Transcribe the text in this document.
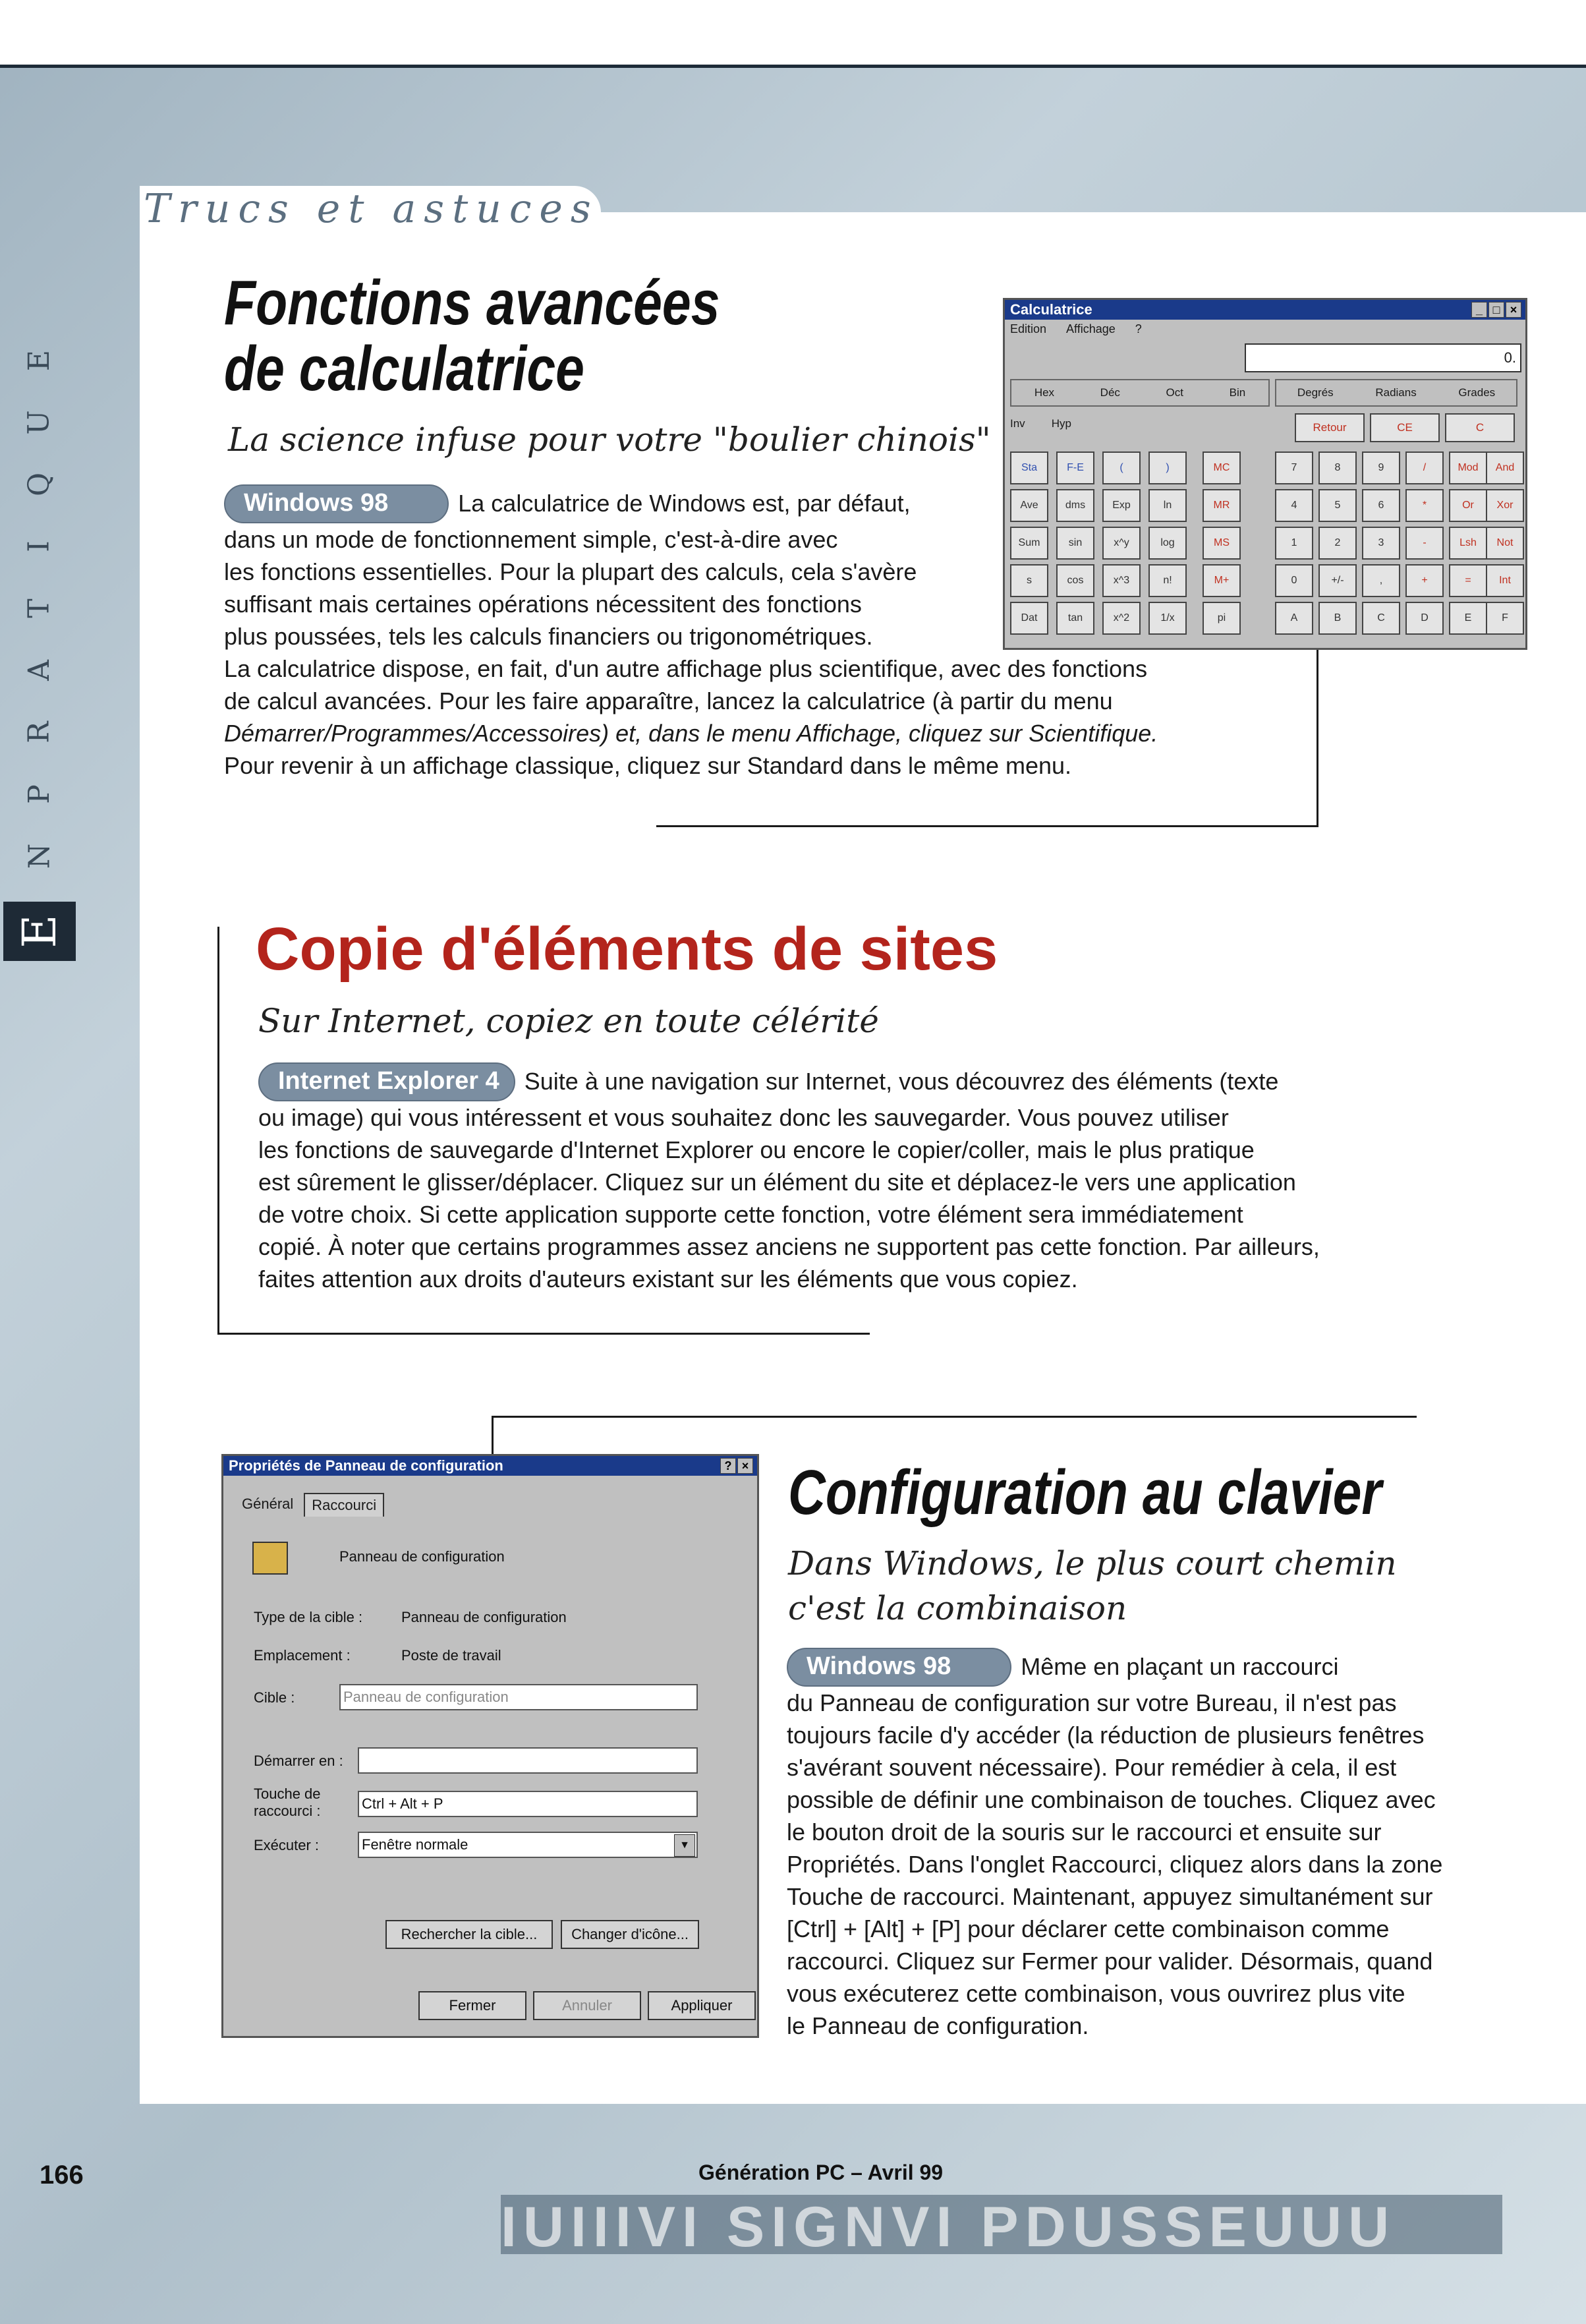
Trucs et astuces
E
U
Q
I
T
A
R
P
N
E
Fonctions avancées
de calculatrice
La science infuse pour votre "boulier chinois"
Windows 98	La calculatrice de Windows est, par défaut,
dans un mode de fonctionnement simple, c'est-à-dire avec
les fonctions essentielles. Pour la plupart des calculs, cela s'avère
suffisant mais certaines opérations nécessitent des fonctions
plus poussées, tels les calculs financiers ou trigonométriques.
La calculatrice dispose, en fait, d'un autre affichage plus scientifique, avec des fonctions
de calcul avancées. Pour les faire apparaître, lancez la calculatrice (à partir du menu
Démarrer/Programmes/Accessoires) et, dans le menu Affichage, cliquez sur Scientifique.
Pour revenir à un affichage classique, cliquez sur Standard dans le même menu.
Calculatrice	_ □ ×
Edition Affichage ?
0.
Hex	Déc	Oct	Bin	Degrés	Radians	Grades
Inv Hyp	Retour	CE	C
Sta	F-E	(	)	MC	7	8	9	/	Mod	And
Ave	dms	Exp	ln	MR	4	5	6	*	Or	Xor
Sum	sin	x^y	log	MS	1	2	3	-	Lsh	Not
s	cos	x^3	n!	M+	0	+/-	,	+	=	Int
Dat	tan	x^2	1/x	pi	A	B	C	D	E	F
Copie d'éléments de sites
Sur Internet, copiez en toute célérité
Internet Explorer 4 Suite à une navigation sur Internet, vous découvrez des éléments (texte
ou image) qui vous intéressent et vous souhaitez donc les sauvegarder. Vous pouvez utiliser
les fonctions de sauvegarde d'Internet Explorer ou encore le copier/coller, mais le plus pratique
est sûrement le glisser/déplacer. Cliquez sur un élément du site et déplacez-le vers une application
de votre choix. Si cette application supporte cette fonction, votre élément sera immédiatement
copié. À noter que certains programmes assez anciens ne supportent pas cette fonction. Par ailleurs,
faites attention aux droits d'auteurs existant sur les éléments que vous copiez.
Propriétés de Panneau de configuration	? ×
Général	Raccourci
Panneau de configuration
Type de la cible :	Panneau de configuration
Emplacement :	Poste de travail
Cible :	Panneau de configuration
Démarrer en :
Touche de raccourci :	Ctrl + Alt + P
Exécuter :	Fenêtre normale	▼
Rechercher la cible...	Changer d'icône...
Fermer	Annuler	Appliquer
Configuration au clavier
Dans Windows, le plus court chemin
c'est la combinaison
Windows 98	Même en plaçant un raccourci
du Panneau de configuration sur votre Bureau, il n'est pas
toujours facile d'y accéder (la réduction de plusieurs fenêtres
s'avérant souvent nécessaire). Pour remédier à cela, il est
possible de définir une combinaison de touches. Cliquez avec
le bouton droit de la souris sur le raccourci et ensuite sur
Propriétés. Dans l'onglet Raccourci, cliquez alors dans la zone
Touche de raccourci. Maintenant, appuyez simultanément sur
[Ctrl] + [Alt] + [P] pour déclarer cette combinaison comme
raccourci. Cliquez sur Fermer pour valider. Désormais, quand
vous exécuterez cette combinaison, vous ouvrirez plus vite
le Panneau de configuration.
IUIIIVI SIGNVI PDUSSEUUU
166	Génération PC – Avril 99
